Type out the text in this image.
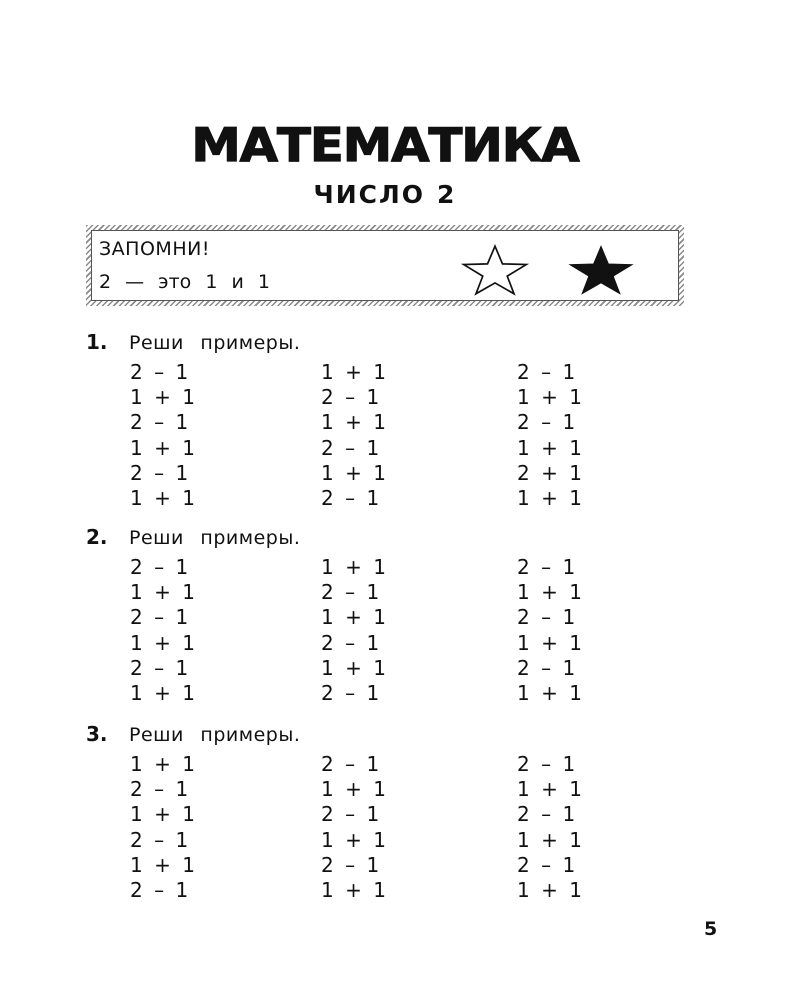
МАТЕМАТИКА
ЧИСЛО 2
ЗАПОМНИ!
2 — это 1 и 1
1. Реши примеры.
2 – 1
1 + 1
2 – 1
1 + 1
2 – 1
1 + 1
1 + 1
2 – 1
1 + 1
2 – 1
1 + 1
2 – 1
2 – 1
1 + 1
2 – 1
1 + 1
2 + 1
1 + 1
2. Реши примеры.
2 – 1
1 + 1
2 – 1
1 + 1
2 – 1
1 + 1
1 + 1
2 – 1
1 + 1
2 – 1
1 + 1
2 – 1
2 – 1
1 + 1
2 – 1
1 + 1
2 – 1
1 + 1
3. Реши примеры.
1 + 1
2 – 1
1 + 1
2 – 1
1 + 1
2 – 1
2 – 1
1 + 1
2 – 1
1 + 1
2 – 1
1 + 1
2 – 1
1 + 1
2 – 1
1 + 1
2 – 1
1 + 1
5
